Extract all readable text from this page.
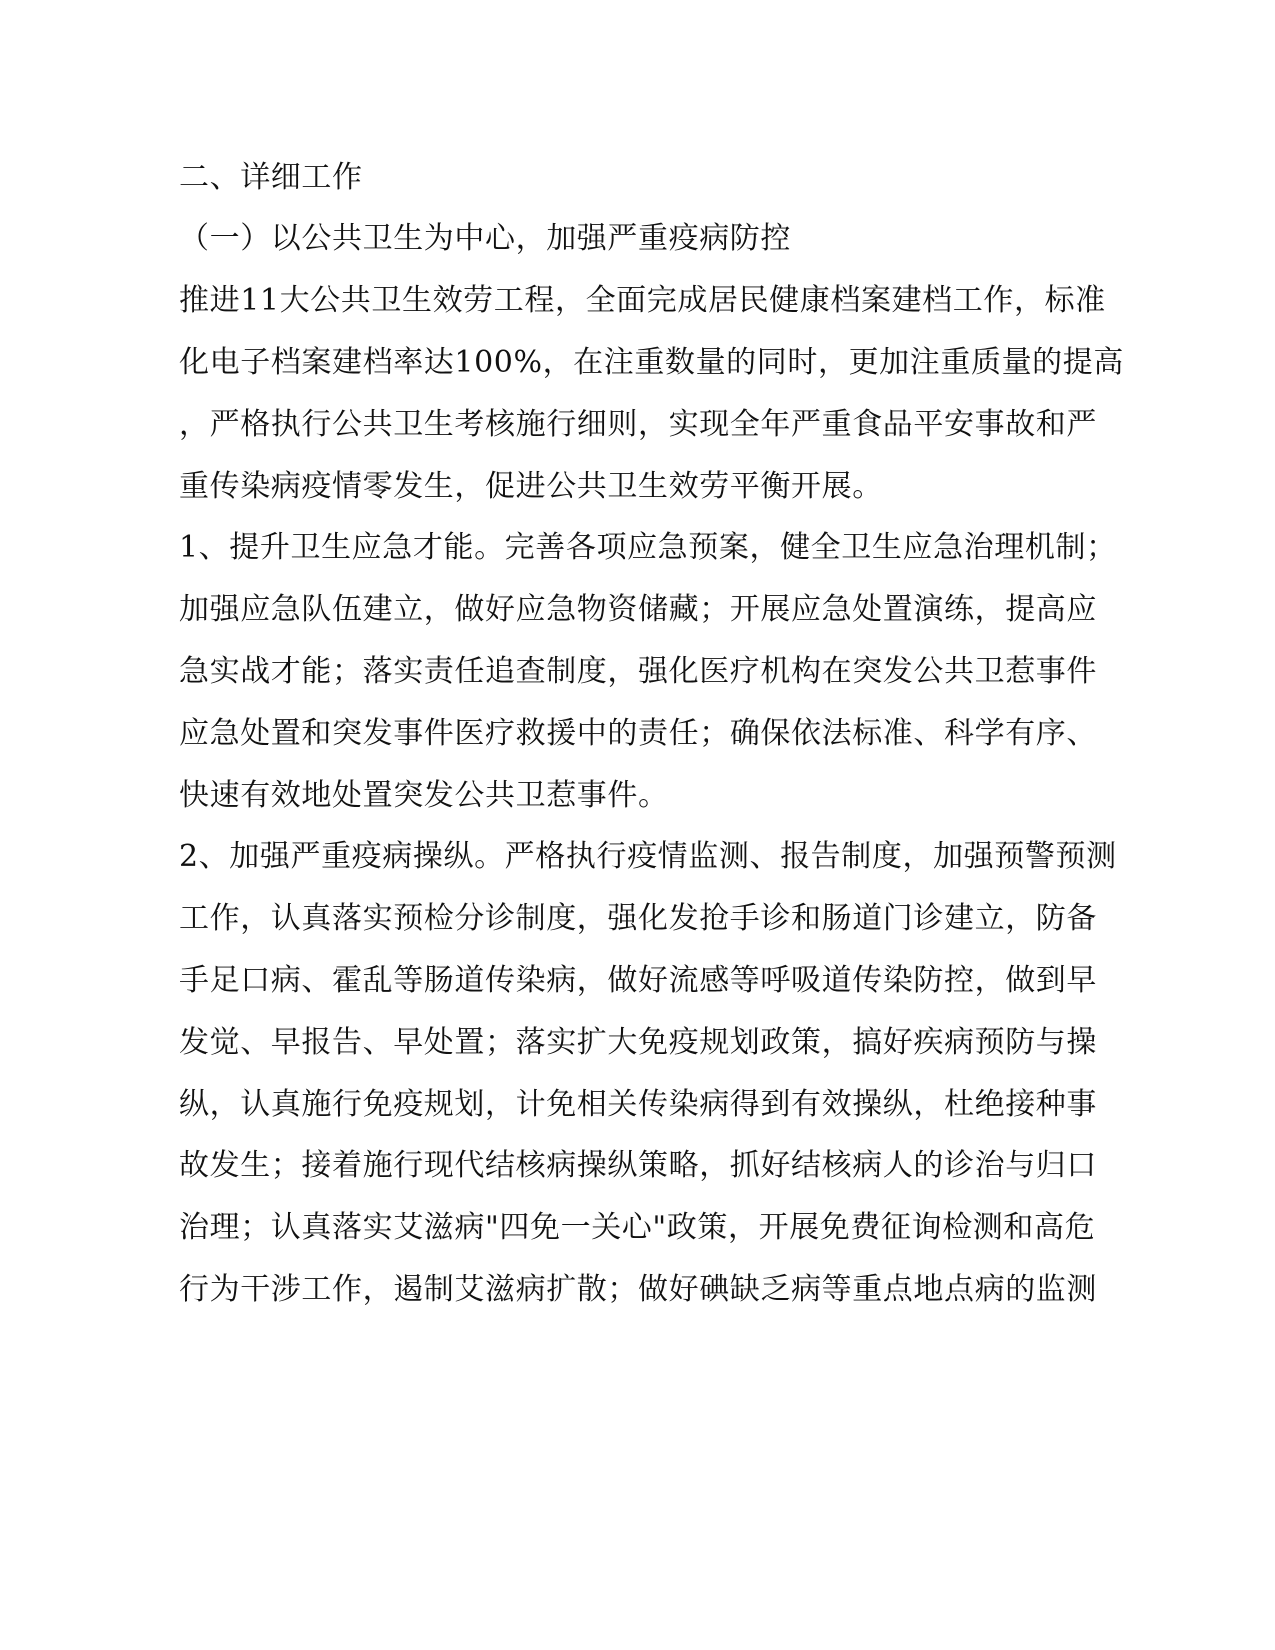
二、详细工作
（一）以公共卫生为中心，加强严重疫病防控
推进11大公共卫生效劳工程，全面完成居民健康档案建档工作，标准
化电子档案建档率达100%，在注重数量的同时，更加注重质量的提高
，严格执行公共卫生考核施行细则，实现全年严重食品平安事故和严
重传染病疫情零发生，促进公共卫生效劳平衡开展。
1、提升卫生应急才能。完善各项应急预案，健全卫生应急治理机制；
加强应急队伍建立，做好应急物资储藏；开展应急处置演练，提高应
急实战才能；落实责任追查制度，强化医疗机构在突发公共卫惹事件
应急处置和突发事件医疗救援中的责任；确保依法标准、科学有序、
快速有效地处置突发公共卫惹事件。
2、加强严重疫病操纵。严格执行疫情监测、报告制度，加强预警预测
工作，认真落实预检分诊制度，强化发抢手诊和肠道门诊建立，防备
手足口病、霍乱等肠道传染病，做好流感等呼吸道传染防控，做到早
发觉、早报告、早处置；落实扩大免疫规划政策，搞好疾病预防与操
纵，认真施行免疫规划，计免相关传染病得到有效操纵，杜绝接种事
故发生；接着施行现代结核病操纵策略，抓好结核病人的诊治与归口
治理；认真落实艾滋病"四免一关心"政策，开展免费征询检测和高危
行为干涉工作，遏制艾滋病扩散；做好碘缺乏病等重点地点病的监测
